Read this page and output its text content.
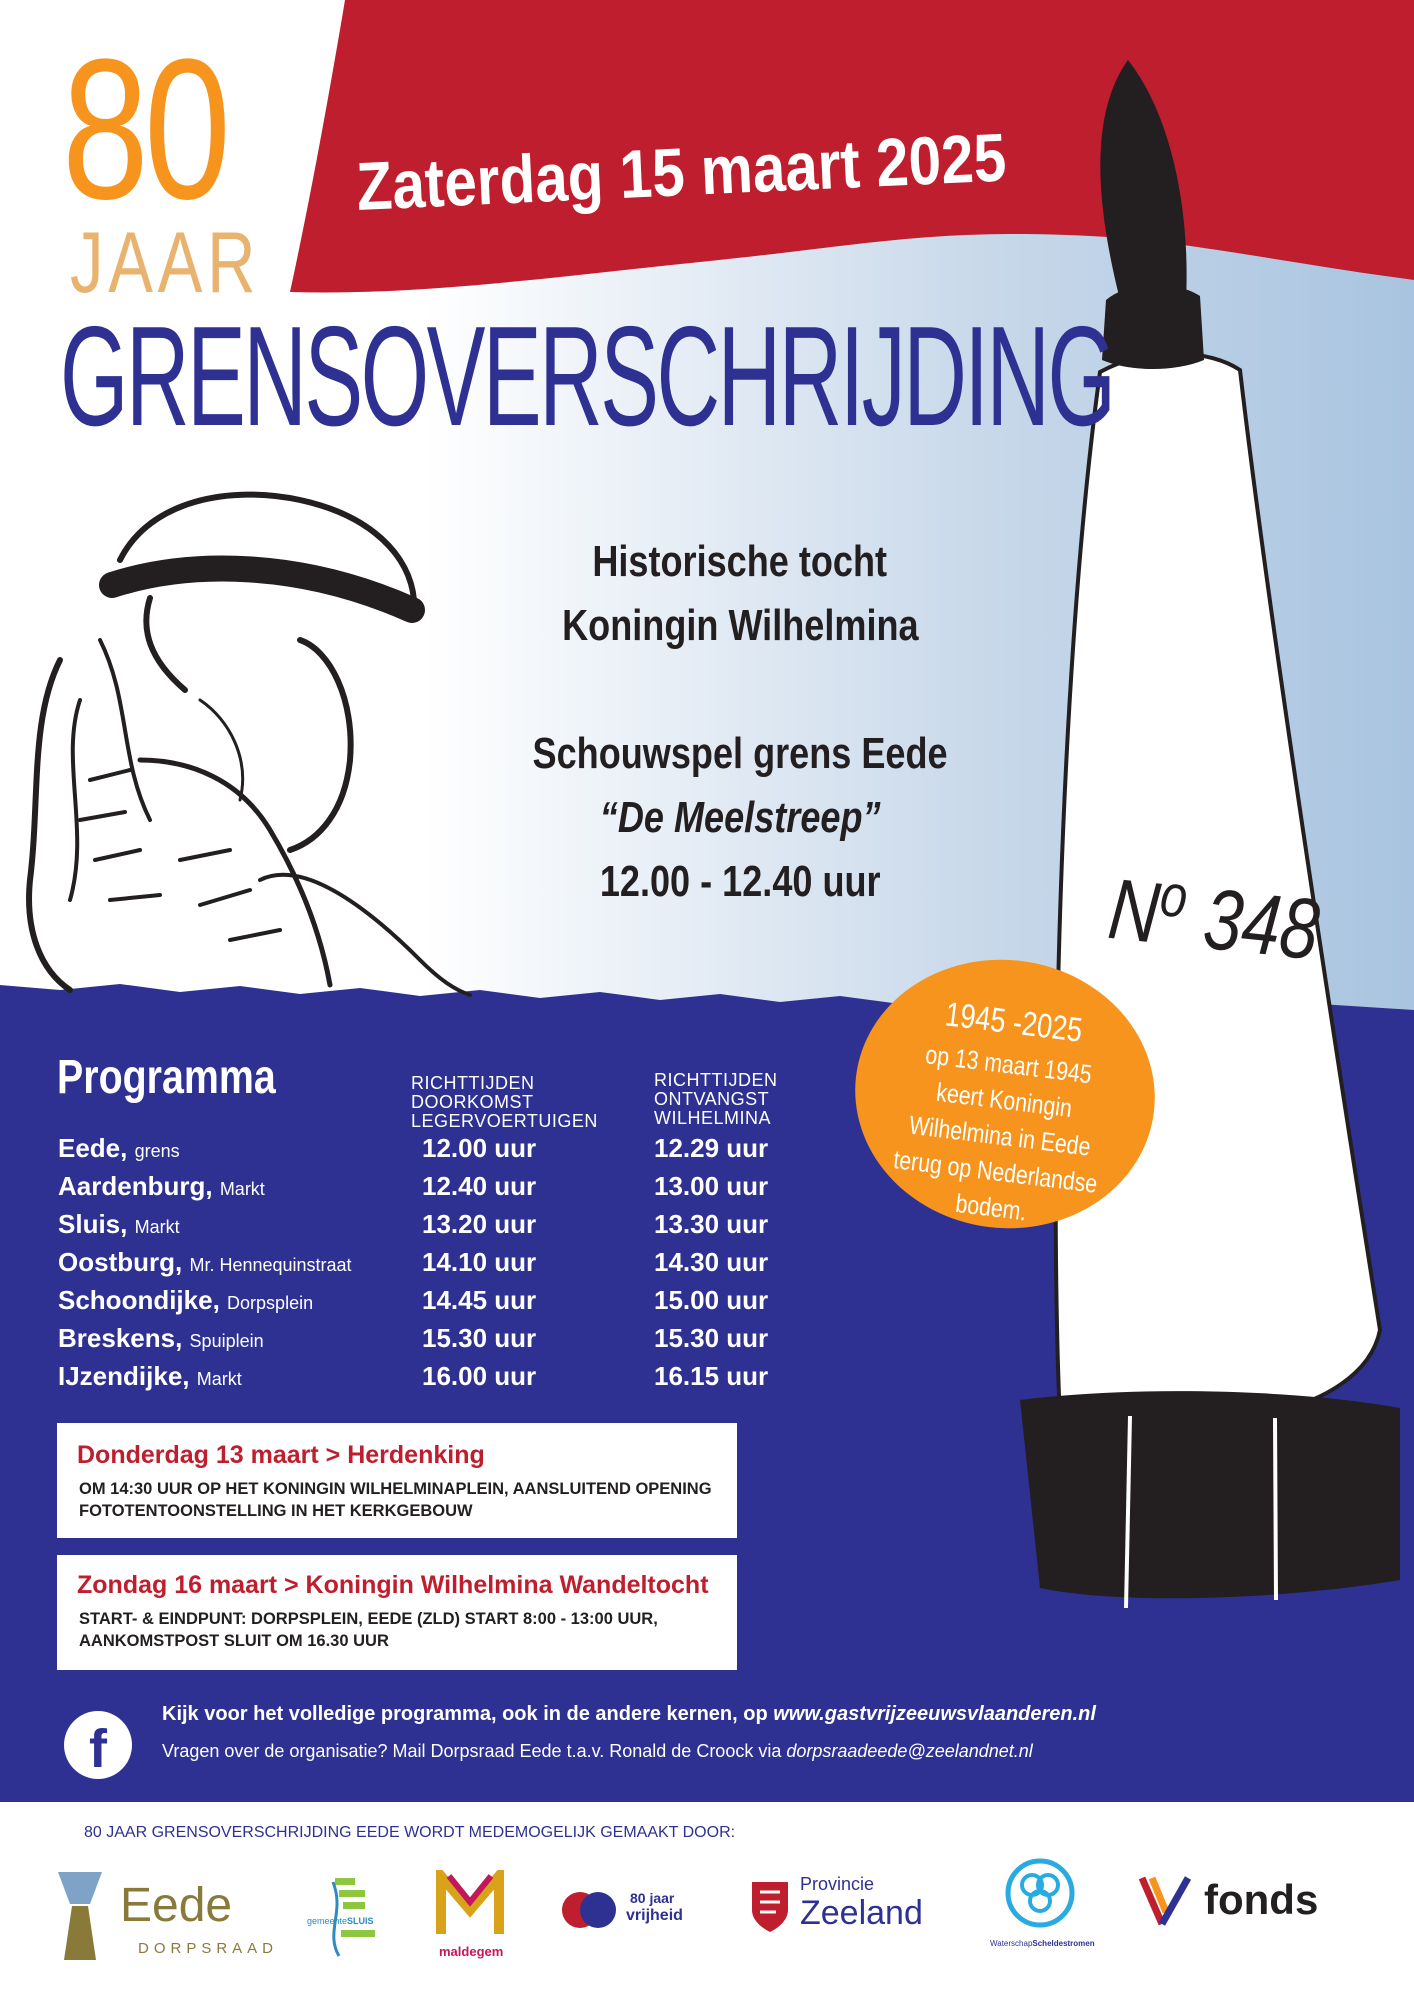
80
JAAR
Zaterdag 15 maart 2025
GRENSOVERSCHRIJDING
Historische tocht
Koningin Wilhelmina
Schouwspel grens Eede
“De Meelstreep”
12.00 - 12.40 uur	$N^o$ 348
1945 -2025 op 13 maart 1945 keert Koningin Wilhelmina in Eede terug op Nederlandse bodem.
Programma	RICHTTIJDEN
DOORKOMST
LEGERVOERTUIGEN
RICHTTIJDEN
ONTVANGST
WILHELMINA
Eede, grens	12.00 uur	12.29 uur
Aardenburg, Markt	12.40 uur	13.00 uur
Sluis, Markt	13.20 uur	13.30 uur
Oostburg, Mr. Hennequinstraat	14.10 uur	14.30 uur
Schoondijke, Dorpsplein	14.45 uur	15.00 uur
Breskens, Spuiplein	15.30 uur	15.30 uur
IJzendijke, Markt	16.00 uur	16.15 uur
Donderdag 13 maart > Herdenking
OM 14:30 UUR OP HET KONINGIN WILHELMINAPLEIN, AANSLUITEND OPENING FOTOTENTOONSTELLING IN HET KERKGEBOUW
Zondag 16 maart > Koningin Wilhelmina Wandeltocht
START- & EINDPUNT: DORPSPLEIN, EEDE (ZLD) START 8:00 - 13:00 UUR, AANKOMSTPOST SLUIT OM 16.30 UUR
f
Kijk voor het volledige programma, ook in de andere kernen, op www.gastvrijzeeuwsvlaanderen.nl
Vragen over de organisatie? Mail Dorpsraad Eede t.a.v. Ronald de Croock via dorpsraadeede@zeelandnet.nl
80 JAAR GRENSOVERSCHRIJDING EEDE WORDT MEDEMOGELIJK GEMAAKT DOOR:
Eede
DORPSRAAD
gemeenteSLUIS
maldegem
80 jaar
vrijheid
Provincie
Zeeland
WaterschapScheldestromen
fonds
